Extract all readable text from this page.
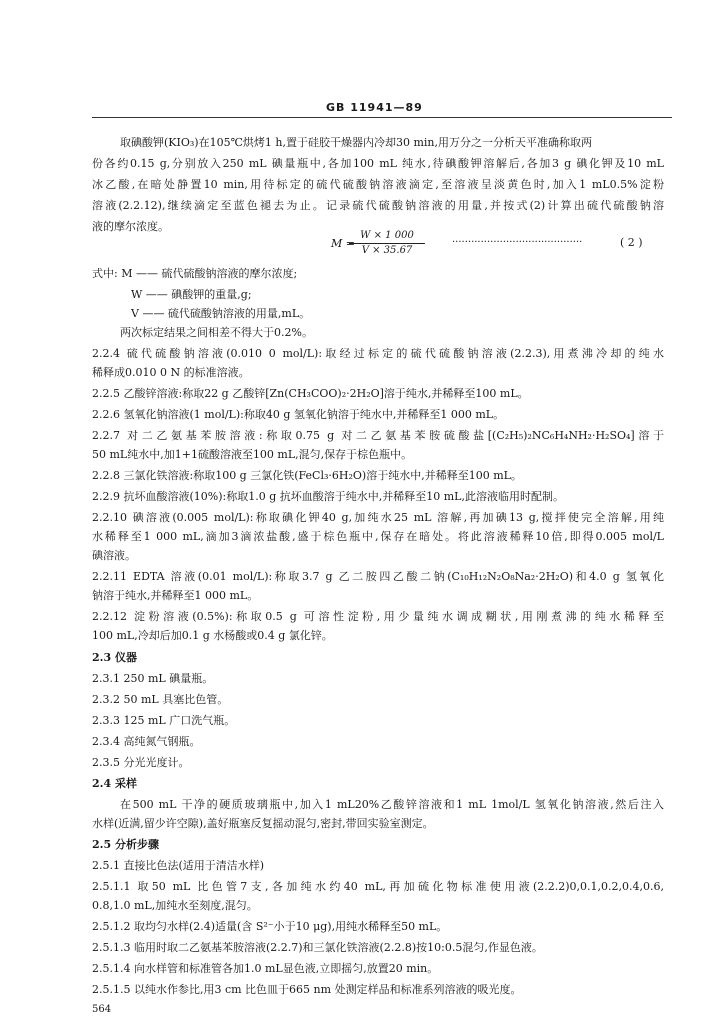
GB 11941—89
取碘酸钾(KIO₃)在105℃烘烤1 h,置于硅胶干燥器内冷却30 min,用万分之一分析天平准确称取两
份各约0.15 g,分别放入250 mL 碘量瓶中,各加100 mL 纯水,待碘酸钾溶解后,各加3 g 碘化钾及10 mL
冰乙酸,在暗处静置10 min,用待标定的硫代硫酸钠溶液滴定,至溶液呈淡黄色时,加入1 mL0.5%淀粉
溶液(2.2.12),继续滴定至蓝色褪去为止。记录硫代硫酸钠溶液的用量,并按式(2)计算出硫代硫酸钠溶
液的摩尔浓度。
M =
W × 1 000
V × 35.67
·········································	( 2 )
式中: M —— 硫代硫酸钠溶液的摩尔浓度;
W —— 碘酸钾的重量,g;
V —— 硫代硫酸钠溶液的用量,mL。
两次标定结果之间相差不得大于0.2%。
2.2.4 硫代硫酸钠溶液(0.010 0 mol/L):取经过标定的硫代硫酸钠溶液(2.2.3),用煮沸冷却的纯水
稀释成0.010 0 N 的标准溶液。
2.2.5 乙酸锌溶液:称取22 g 乙酸锌[Zn(CH₃COO)₂·2H₂O]溶于纯水,并稀释至100 mL。
2.2.6 氢氧化钠溶液(1 mol/L):称取40 g 氢氧化钠溶于纯水中,并稀释至1 000 mL。
2.2.7 对二乙氨基苯胺溶液:称取0.75 g 对二乙氨基苯胺硫酸盐[(C₂H₅)₂NC₆H₄NH₂·H₂SO₄]溶于
50 mL纯水中,加1+1硫酸溶液至100 mL,混匀,保存于棕色瓶中。
2.2.8 三氯化铁溶液:称取100 g 三氯化铁(FeCl₃·6H₂O)溶于纯水中,并稀释至100 mL。
2.2.9 抗坏血酸溶液(10%):称取1.0 g 抗坏血酸溶于纯水中,并稀释至10 mL,此溶液临用时配制。
2.2.10 碘溶液(0.005 mol/L):称取碘化钾40 g,加纯水25 mL 溶解,再加碘13 g,搅拌使完全溶解,用纯
水稀释至1 000 mL,滴加3滴浓盐酸,盛于棕色瓶中,保存在暗处。将此溶液稀释10倍,即得0.005 mol/L
碘溶液。
2.2.11 EDTA 溶液(0.01 mol/L):称取3.7 g 乙二胺四乙酸二钠(C₁₀H₁₂N₂O₈Na₂·2H₂O)和4.0 g 氢氧化
钠溶于纯水,并稀释至1 000 mL。
2.2.12 淀粉溶液(0.5%):称取0.5 g 可溶性淀粉,用少量纯水调成糊状,用刚煮沸的纯水稀释至
100 mL,冷却后加0.1 g 水杨酸或0.4 g 氯化锌。
2.3 仪器
2.3.1 250 mL 碘量瓶。
2.3.2 50 mL 具塞比色管。
2.3.3 125 mL 广口洗气瓶。
2.3.4 高纯氮气钢瓶。
2.3.5 分光光度计。
2.4 采样
在500 mL 干净的硬质玻璃瓶中,加入1 mL20%乙酸锌溶液和1 mL 1mol/L 氢氧化钠溶液,然后注入
水样(近满,留少许空隙),盖好瓶塞反复摇动混匀,密封,带回实验室测定。
2.5 分析步骤
2.5.1 直接比色法(适用于清洁水样)
2.5.1.1 取50 mL 比色管7支,各加纯水约40 mL,再加硫化物标准使用液(2.2.2)0,0.1,0.2,0.4,0.6,
0.8,1.0 mL,加纯水至刻度,混匀。
2.5.1.2 取均匀水样(2.4)适量(含 S²⁻小于10 μg),用纯水稀释至50 mL。
2.5.1.3 临用时取二乙氨基苯胺溶液(2.2.7)和三氯化铁溶液(2.2.8)按10:0.5混匀,作显色液。
2.5.1.4 向水样管和标准管各加1.0 mL显色液,立即摇匀,放置20 min。
2.5.1.5 以纯水作参比,用3 cm 比色皿于665 nm 处测定样品和标准系列溶液的吸光度。
564
